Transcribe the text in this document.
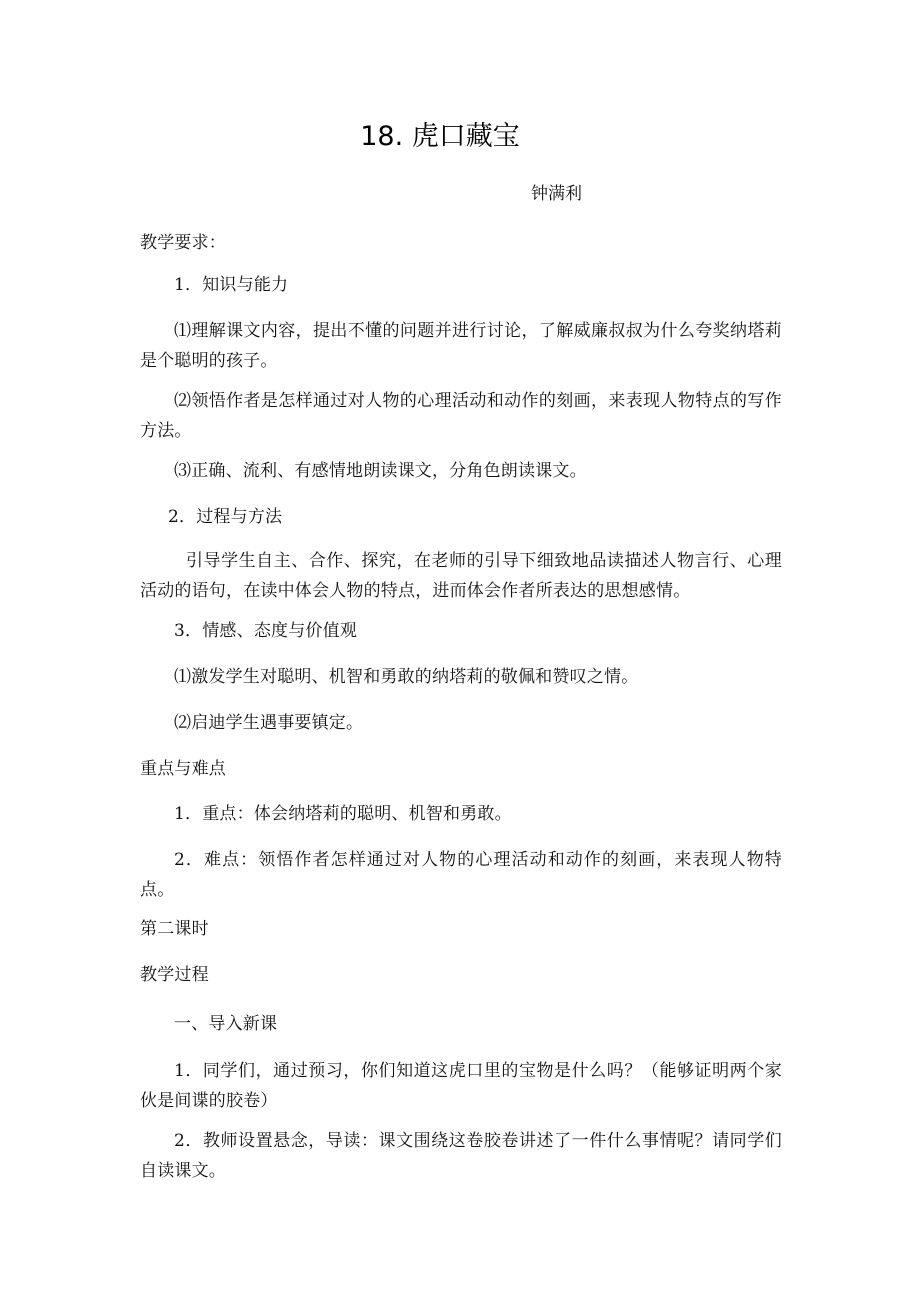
18. 虎口藏宝
钟满利
教学要求：
1．知识与能力
⑴理解课文内容，提出不懂的问题并进行讨论，了解威廉叔叔为什么夸奖纳塔莉是个聪明的孩子。
⑵领悟作者是怎样通过对人物的心理活动和动作的刻画，来表现人物特点的写作方法。
⑶正确、流利、有感情地朗读课文，分角色朗读课文。
2．过程与方法
引导学生自主、合作、探究，在老师的引导下细致地品读描述人物言行、心理活动的语句，在读中体会人物的特点，进而体会作者所表达的思想感情。
3．情感、态度与价值观
⑴激发学生对聪明、机智和勇敢的纳塔莉的敬佩和赞叹之情。
⑵启迪学生遇事要镇定。
重点与难点
1．重点：体会纳塔莉的聪明、机智和勇敢。
2．难点：领悟作者怎样通过对人物的心理活动和动作的刻画，来表现人物特点。
第二课时
教学过程
一、导入新课
1．同学们，通过预习，你们知道这虎口里的宝物是什么吗？（能够证明两个家伙是间谍的胶卷）
2．教师设置悬念，导读：课文围绕这卷胶卷讲述了一件什么事情呢？请同学们自读课文。
